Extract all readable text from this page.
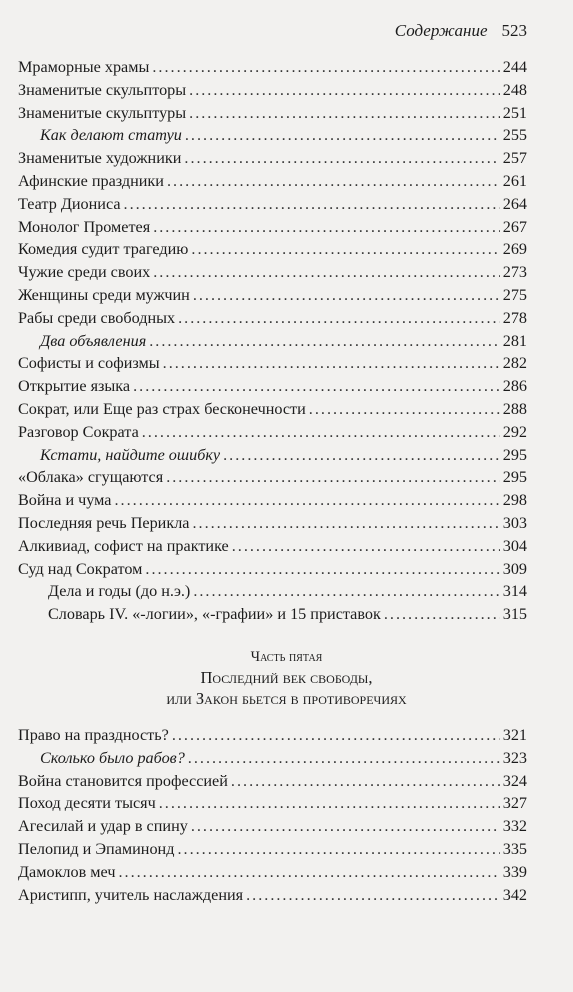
Содержание 523
Мраморные храмы .....	244
Знаменитые скульпторы .....	248
Знаменитые скульптуры .....	251
Как делают статуи .....	255
Знаменитые художники .....	257
Афинские праздники .....	261
Театр Диониса .....	264
Монолог Прометея .....	267
Комедия судит трагедию .....	269
Чужие среди своих .....	273
Женщины среди мужчин .....	275
Рабы среди свободных .....	278
Два объявления .....	281
Софисты и софизмы .....	282
Открытие языка .....	286
Сократ, или Еще раз страх бесконечности .....	288
Разговор Сократа .....	292
Кстати, найдите ошибку .....	295
«Облака» сгущаются .....	295
Война и чума .....	298
Последняя речь Перикла .....	303
Алкивиад, софист на практике .....	304
Суд над Сократом .....	309
Дела и годы (до н.э.) .....	314
Словарь IV. «-логии», «-графии» и 15 приставок .....	315
Часть пятая
Последний век свободы,
или Закон бьется в противоречиях
Право на праздность? .....	321
Сколько было рабов? .....	323
Война становится профессией .....	324
Поход десяти тысяч .....	327
Агесилай и удар в спину .....	332
Пелопид и Эпаминонд .....	335
Дамоклов меч .....	339
Аристипп, учитель наслаждения .....	342
